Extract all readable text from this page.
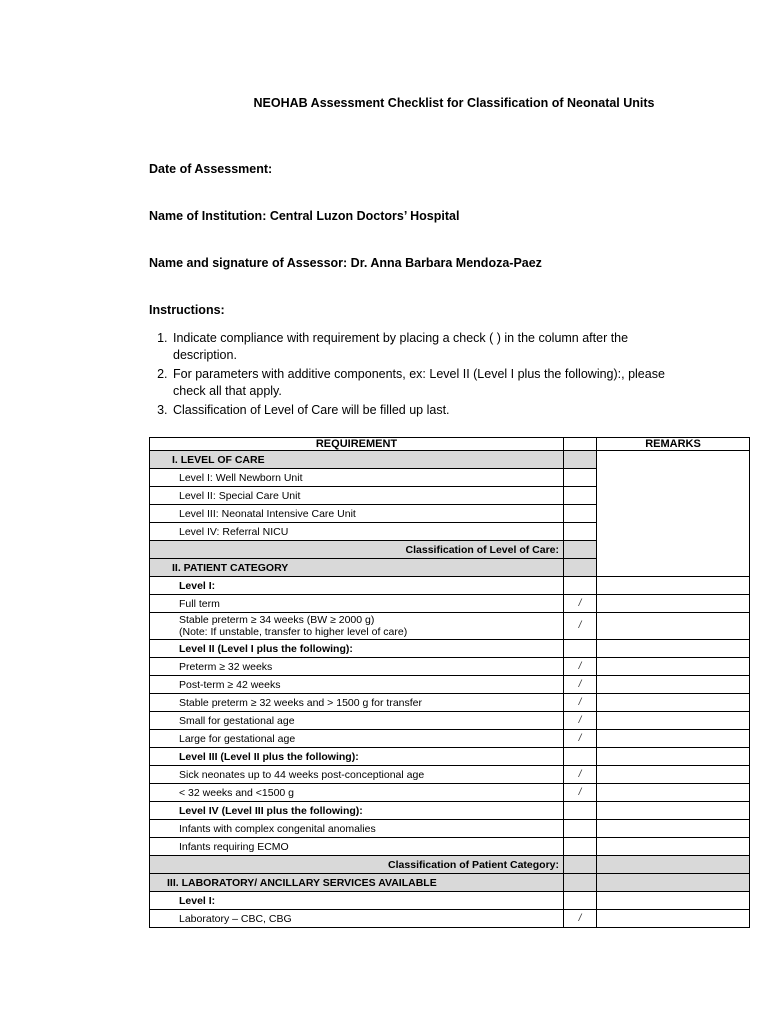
NEOHAB Assessment Checklist for Classification of Neonatal Units
Date of Assessment:
Name of Institution: Central Luzon Doctors’ Hospital
Name and signature of Assessor: Dr. Anna Barbara Mendoza-Paez
Instructions:
1. Indicate compliance with requirement by placing a check ( ) in the column after the description.
2. For parameters with additive components, ex: Level II (Level I plus the following):, please check all that apply.
3. Classification of Level of Care will be filled up last.
REQUIREMENT		REMARKS	
I. LEVEL OF CARE			
Level I: Well Newborn Unit			
Level II: Special Care Unit			
Level III: Neonatal Intensive Care Unit			
Level IV: Referral NICU			
Classification of Level of Care:			
II. PATIENT CATEGORY			
Level I:			
Full term	/		

Stable preterm ≥ 34 weeks (BW ≥ 2000 g)
(Note: If unstable, transfer to higher level of care)	/		
Level II (Level I plus the following):			
Preterm ≥ 32 weeks	/		
Post-term ≥ 42 weeks	/		
Stable preterm ≥ 32 weeks and > 1500 g for transfer	/		
Small for gestational age	/		
Large for gestational age	/		
Level III (Level II plus the following):			
Sick neonates up to 44 weeks post-conceptional age	/		
< 32 weeks and <1500 g	/		
Level IV (Level III plus the following):			
Infants with complex congenital anomalies			
Infants requiring ECMO			
Classification of Patient Category:			
III. LABORATORY/ ANCILLARY SERVICES AVAILABLE			
Level I:			
Laboratory – CBC, CBG	/		
